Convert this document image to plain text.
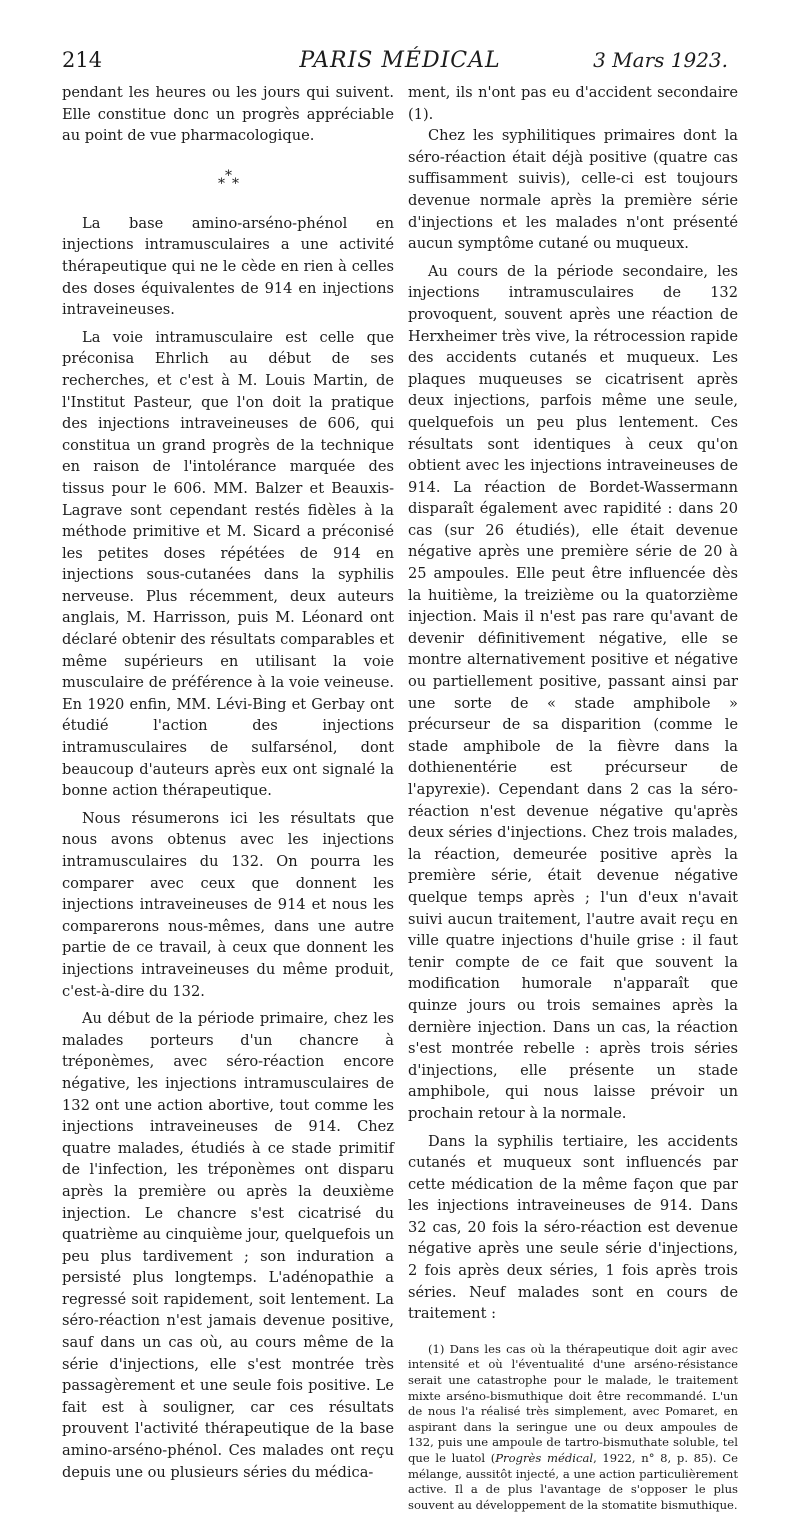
214	PARIS MÉDICAL	3 Mars 1923.

pendant les heures ou les jours qui suivent. Elle constitue donc un progrès appréciable au point de vue pharmacologique.

*
* *

La base amino-arséno-phénol en injections intramusculaires a une activité thérapeutique qui ne le cède en rien à celles des doses équivalentes de 914 en injections intraveineuses.

La voie intramusculaire est celle que préconisa Ehrlich au début de ses recherches, et c'est à M. Louis Martin, de l'Institut Pasteur, que l'on doit la pratique des injections intraveineuses de 606, qui constitua un grand progrès de la technique en raison de l'intolérance marquée des tissus pour le 606. MM. Balzer et Beauxis-Lagrave sont cependant restés fidèles à la méthode primitive et M. Sicard a préconisé les petites doses répétées de 914 en injections sous-cutanées dans la syphilis nerveuse. Plus récemment, deux auteurs anglais, M. Harrisson, puis M. Léonard ont déclaré obtenir des résultats comparables et même supérieurs en utilisant la voie musculaire de préférence à la voie veineuse. En 1920 enfin, MM. Lévi-Bing et Gerbay ont étudié l'action des injections intramusculaires de sulfarsénol, dont beaucoup d'auteurs après eux ont signalé la bonne action thérapeutique.

Nous résumerons ici les résultats que nous avons obtenus avec les injections intramusculaires du 132. On pourra les comparer avec ceux que donnent les injections intraveineuses de 914 et nous les comparerons nous-mêmes, dans une autre partie de ce travail, à ceux que donnent les injections intraveineuses du même produit, c'est-à-dire du 132.

Au début de la période primaire, chez les malades porteurs d'un chancre à tréponèmes, avec séro-réaction encore négative, les injections intramusculaires de 132 ont une action abortive, tout comme les injections intraveineuses de 914. Chez quatre malades, étudiés à ce stade primitif de l'infection, les tréponèmes ont disparu après la première ou après la deuxième injection. Le chancre s'est cicatrisé du quatrième au cinquième jour, quelquefois un peu plus tardivement ; son induration a persisté plus longtemps. L'adénopathie a regressé soit rapidement, soit lentement. La séro-réaction n'est jamais devenue positive, sauf dans un cas où, au cours même de la série d'injections, elle s'est montrée très passagèrement et une seule fois positive. Le fait est à souligner, car ces résultats prouvent l'activité thérapeutique de la base amino-arséno-phénol. Ces malades ont reçu depuis une ou plusieurs séries du médica-

ment, ils n'ont pas eu d'accident secondaire (1).

Chez les syphilitiques primaires dont la séro-réaction était déjà positive (quatre cas suffisamment suivis), celle-ci est toujours devenue normale après la première série d'injections et les malades n'ont présenté aucun symptôme cutané ou muqueux.

Au cours de la période secondaire, les injections intramusculaires de 132 provoquent, souvent après une réaction de Herxheimer très vive, la rétrocession rapide des accidents cutanés et muqueux. Les plaques muqueuses se cicatrisent après deux injections, parfois même une seule, quelquefois un peu plus lentement. Ces résultats sont identiques à ceux qu'on obtient avec les injections intraveineuses de 914. La réaction de Bordet-Wassermann disparaît également avec rapidité : dans 20 cas (sur 26 étudiés), elle était devenue négative après une première série de 20 à 25 ampoules. Elle peut être influencée dès la huitième, la treizième ou la quatorzième injection. Mais il n'est pas rare qu'avant de devenir définitivement négative, elle se montre alternativement positive et négative ou partiellement positive, passant ainsi par une sorte de « stade amphibole » précurseur de sa disparition (comme le stade amphibole de la fièvre dans la dothienentérie est précurseur de l'apyrexie). Cependant dans 2 cas la séro-réaction n'est devenue négative qu'après deux séries d'injections. Chez trois malades, la réaction, demeurée positive après la première série, était devenue négative quelque temps après ; l'un d'eux n'avait suivi aucun traitement, l'autre avait reçu en ville quatre injections d'huile grise : il faut tenir compte de ce fait que souvent la modification humorale n'apparaît que quinze jours ou trois semaines après la dernière injection. Dans un cas, la réaction s'est montrée rebelle : après trois séries d'injections, elle présente un stade amphibole, qui nous laisse prévoir un prochain retour à la normale.

Dans la syphilis tertiaire, les accidents cutanés et muqueux sont influencés par cette médication de la même façon que par les injections intraveineuses de 914. Dans 32 cas, 20 fois la séro-réaction est devenue négative après une seule série d'injections, 2 fois après deux séries, 1 fois après trois séries. Neuf malades sont en cours de traitement :

(1) Dans les cas où la thérapeutique doit agir avec intensité et où l'éventualité d'une arséno-résistance serait une catastrophe pour le malade, le traitement mixte arséno-bismuthique doit être recommandé. L'un de nous l'a réalisé très simplement, avec Pomaret, en aspirant dans la seringue une ou deux ampoules de 132, puis une ampoule de tartro-bismuthate soluble, tel que le luatol (Progrès médical, 1922, n° 8, p. 85). Ce mélange, aussitôt injecté, a une action particulièrement active. Il a de plus l'avantage de s'opposer le plus souvent au développement de la stomatite bismuthique.
